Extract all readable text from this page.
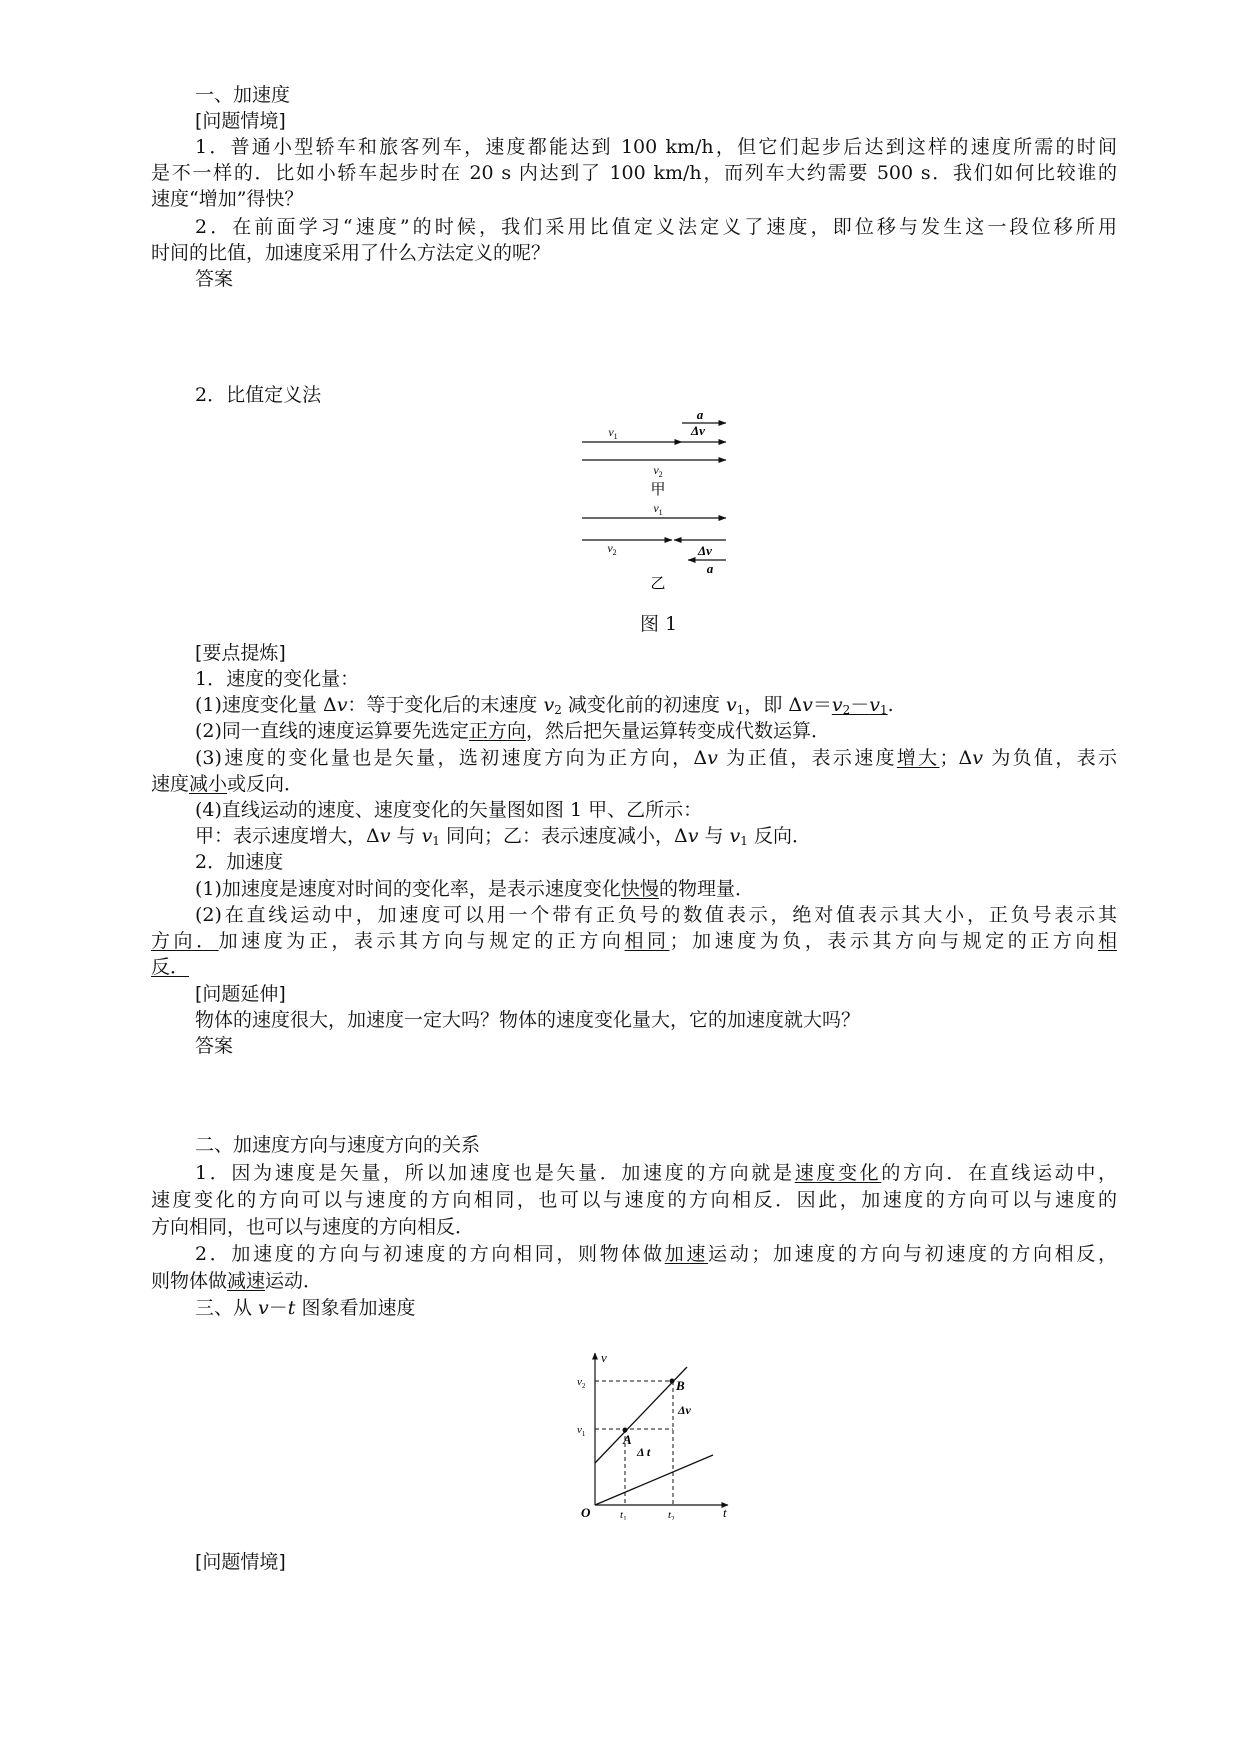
一、加速度
[问题情境]
1．普通小型轿车和旅客列车，速度都能达到 100 km/h，但它们起步后达到这样的速度所需的时间
是不一样的．比如小轿车起步时在 20 s 内达到了 100 km/h，而列车大约需要 500 s．我们如何比较谁的
速度“增加”得快？
2．在前面学习“速度”的时候，我们采用比值定义法定义了速度，即位移与发生这一段位移所用
时间的比值，加速度采用了什么方法定义的呢？
答案
2．比值定义法
a
Δv
$v_1$
$v_2$
甲
$v_1$
$v_2$	Δv
a
乙
图 1
[要点提炼]
1．速度的变化量：
(1)速度变化量 Δv：等于变化后的末速度 $v_2$ 减变化前的初速度 $v_1$，即 $\Delta v=v_2-v_1$.
(2)同一直线的速度运算要先选定正方向，然后把矢量运算转变成代数运算．
(3)速度的变化量也是矢量，选初速度方向为正方向，Δv 为正值，表示速度增大；Δv 为负值，表示
速度减小或反向．
(4)直线运动的速度、速度变化的矢量图如图 1 甲、乙所示：
甲：表示速度增大，Δv 与 $v_1$ 同向；乙：表示速度减小，Δv 与 $v_1$ 反向．
2．加速度
(1)加速度是速度对时间的变化率，是表示速度变化快慢的物理量．
(2)在直线运动中，加速度可以用一个带有正负号的数值表示，绝对值表示其大小，正负号表示其
方向．加速度为正，表示其方向与规定的正方向相同；加速度为负，表示其方向与规定的正方向相
反．
[问题延伸]
物体的速度很大，加速度一定大吗？物体的速度变化量大，它的加速度就大吗？
答案
二、加速度方向与速度方向的关系
1．因为速度是矢量，所以加速度也是矢量．加速度的方向就是速度变化的方向．在直线运动中，
速度变化的方向可以与速度的方向相同，也可以与速度的方向相反．因此，加速度的方向可以与速度的
方向相同，也可以与速度的方向相反．
2．加速度的方向与初速度的方向相同，则物体做加速运动；加速度的方向与初速度的方向相反，
则物体做减速运动．
三、从 v－t 图象看加速度
v
t
O
A
B
Δv
Δ t
$v_2$
$v_1$
$t_1$	$t_2$
[问题情境]
